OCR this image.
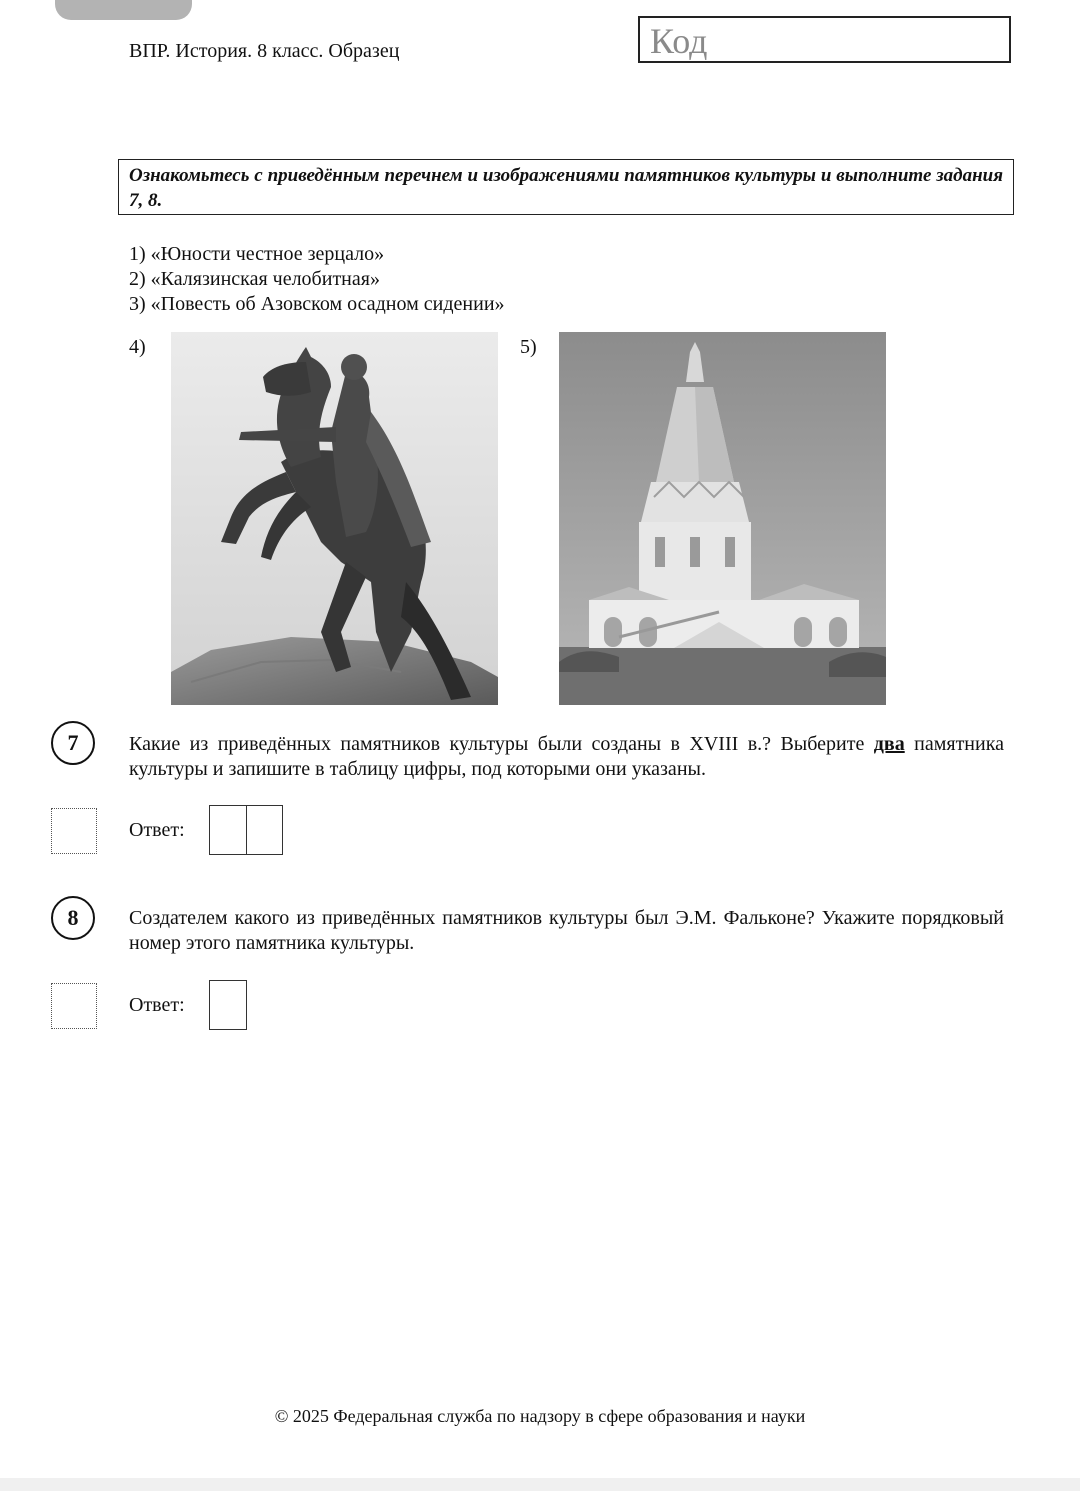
ВПР. История. 8 класс. Образец	Код
Ознакомьтесь с приведённым перечнем и изображениями памятников культуры и выполните задания 7, 8.
1) «Юности честное зерцало»
2) «Калязинская челобитная»
3) «Повесть об Азовском осадном сидении»
4)	5)
7	Какие из приведённых памятников культуры были созданы в XVIII в.? Выберите два памятника культуры и запишите в таблицу цифры, под которыми они указаны.
Ответ:
8	Создателем какого из приведённых памятников культуры был Э.М. Фальконе? Укажите порядковый номер этого памятника культуры.
Ответ:
© 2025 Федеральная служба по надзору в сфере образования и науки
